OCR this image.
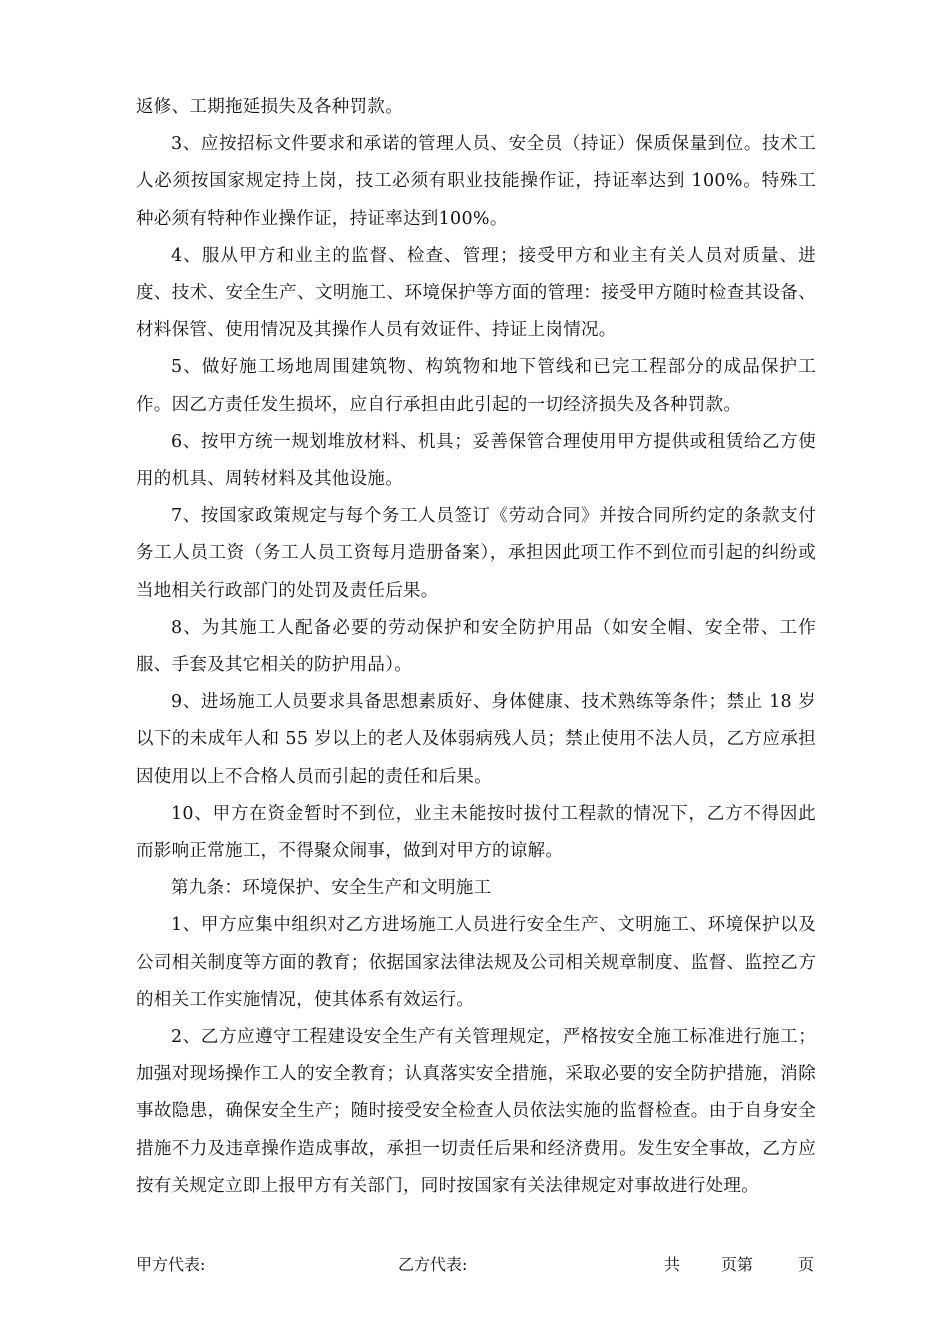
返修、工期拖延损失及各种罚款。

3、应按招标文件要求和承诺的管理人员、安全员（持证）保质保量到位。技术工人必须按国家规定持上岗，技工必须有职业技能操作证，持证率达到 100%。特殊工种必须有特种作业操作证，持证率达到100%。

4、服从甲方和业主的监督、检查、管理；接受甲方和业主有关人员对质量、进度、技术、安全生产、文明施工、环境保护等方面的管理：接受甲方随时检查其设备、材料保管、使用情况及其操作人员有效证件、持证上岗情况。

5、做好施工场地周围建筑物、构筑物和地下管线和已完工程部分的成品保护工作。因乙方责任发生损坏，应自行承担由此引起的一切经济损失及各种罚款。

6、按甲方统一规划堆放材料、机具；妥善保管合理使用甲方提供或租赁给乙方使用的机具、周转材料及其他设施。

7、按国家政策规定与每个务工人员签订《劳动合同》并按合同所约定的条款支付务工人员工资（务工人员工资每月造册备案），承担因此项工作不到位而引起的纠纷或当地相关行政部门的处罚及责任后果。

8、为其施工人配备必要的劳动保护和安全防护用品（如安全帽、安全带、工作服、手套及其它相关的防护用品）。

9、进场施工人员要求具备思想素质好、身体健康、技术熟练等条件；禁止 18 岁以下的未成年人和 55 岁以上的老人及体弱病残人员；禁止使用不法人员，乙方应承担因使用以上不合格人员而引起的责任和后果。

10、甲方在资金暂时不到位，业主未能按时拔付工程款的情况下，乙方不得因此而影响正常施工，不得聚众闹事，做到对甲方的谅解。

第九条：环境保护、安全生产和文明施工

1、甲方应集中组织对乙方进场施工人员进行安全生产、文明施工、环境保护以及公司相关制度等方面的教育；依据国家法律法规及公司相关规章制度、监督、监控乙方的相关工作实施情况，使其体系有效运行。

2、乙方应遵守工程建设安全生产有关管理规定，严格按安全施工标准进行施工；加强对现场操作工人的安全教育；认真落实安全措施，采取必要的安全防护措施，消除事故隐患，确保安全生产；随时接受安全检查人员依法实施的监督检查。由于自身安全措施不力及违章操作造成事故，承担一切责任后果和经济费用。发生安全事故，乙方应按有关规定立即上报甲方有关部门，同时按国家有关法律规定对事故进行处理。

甲方代表:	乙方代表:	共	页第	页
